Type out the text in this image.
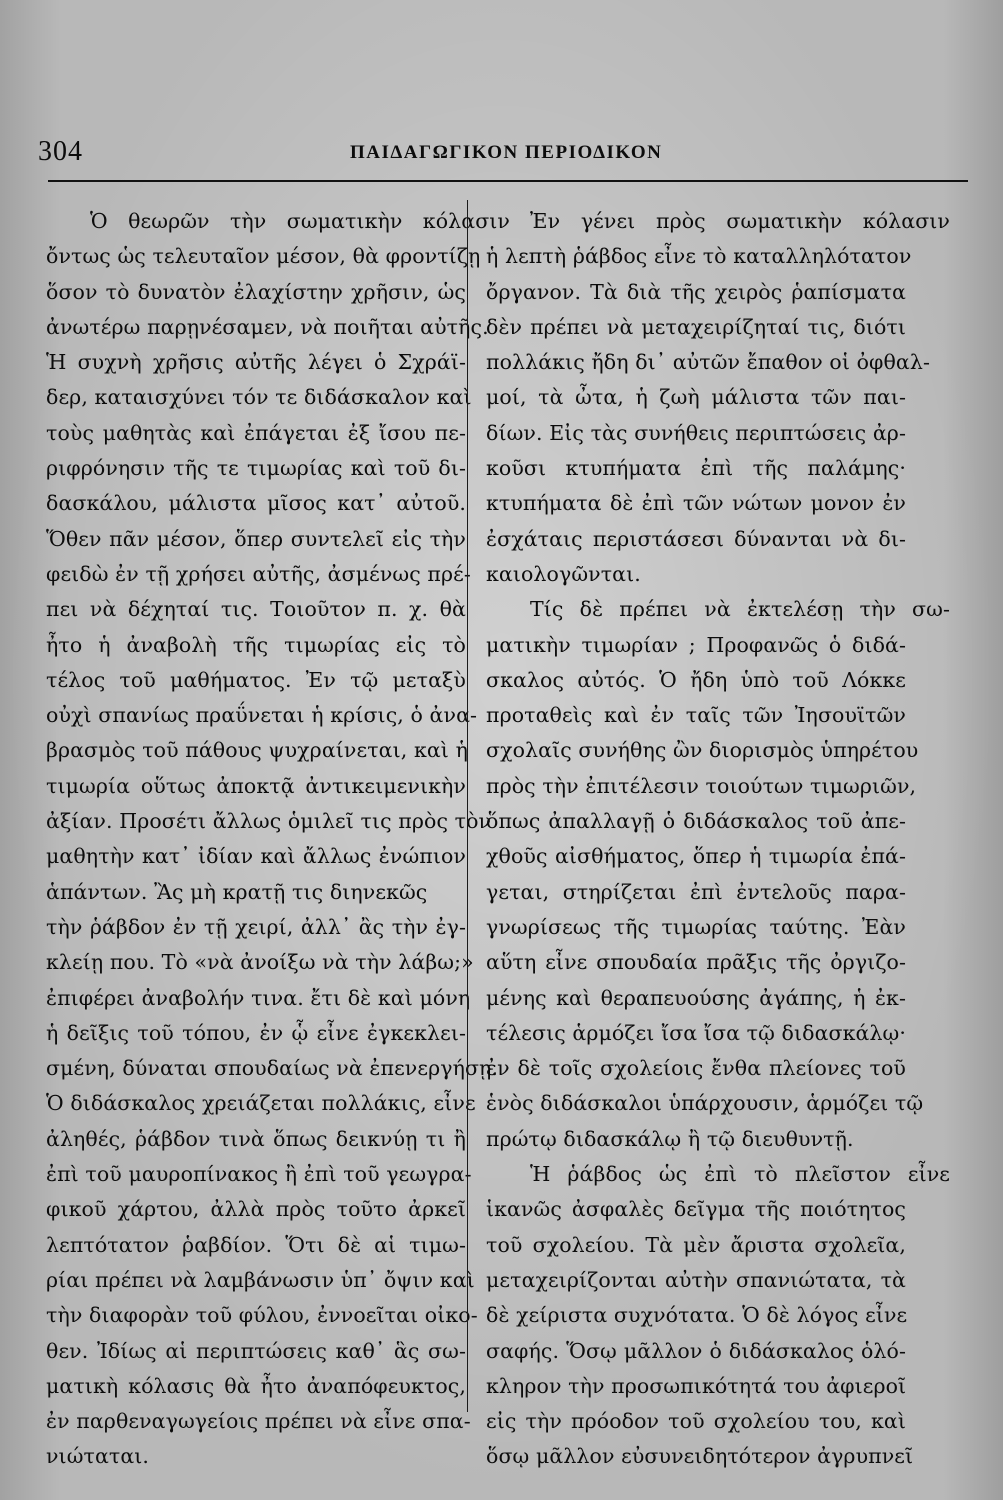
304	ΠΑΙΔΑΓΩΓΙΚΟΝ ΠΕΡΙΟΔΙΚΟΝ
Ὁ θεωρῶν τὴν σωματικὴν κόλασιν
ὄντως ὡς τελευταῖον μέσον, θὰ φροντίζῃ
ὅσον τὸ δυνατὸν ἐλαχίστην χρῆσιν, ὡς
ἀνωτέρω παρῃνέσαμεν, νὰ ποιῆται αὐτῆς.
Ἡ συχνὴ χρῆσις αὐτῆς λέγει ὁ Σχράϊ-
δερ, καταισχύνει τόν τε διδάσκαλον καὶ
τοὺς μαθητὰς καὶ ἐπάγεται ἐξ ἴσου πε-
ριφρόνησιν τῆς τε τιμωρίας καὶ τοῦ δι-
δασκάλου, μάλιστα μῖσος κατ᾽ αὐτοῦ.
Ὅθεν πᾶν μέσον, ὅπερ συντελεῖ εἰς τὴν
φειδὼ ἐν τῇ χρήσει αὐτῆς, ἀσμένως πρέ-
πει νὰ δέχηταί τις. Τοιοῦτον π. χ. θὰ
ἦτο ἡ ἀναβολὴ τῆς τιμωρίας εἰς τὸ
τέλος τοῦ μαθήματος. Ἐν τῷ μεταξὺ
οὐχὶ σπανίως πραΰνεται ἡ κρίσις, ὁ ἀνα-
βρασμὸς τοῦ πάθους ψυχραίνεται, καὶ ἡ
τιμωρία οὕτως ἀποκτᾷ ἀντικειμενικὴν
ἀξίαν. Προσέτι ἄλλως ὁμιλεῖ τις πρὸς τὸν
μαθητὴν κατ᾽ ἰδίαν καὶ ἄλλως ἐνώπιον
ἁπάντων. Ἂς μὴ κρατῇ τις διηνεκῶς
τὴν ῥάβδον ἐν τῇ χειρί, ἀλλ᾽ ἂς τὴν ἐγ-
κλείῃ που. Τὸ «νὰ ἀνοίξω νὰ τὴν λάβω;»
ἐπιφέρει ἀναβολήν τινα. ἔτι δὲ καὶ μόνη
ἡ δεῖξις τοῦ τόπου, ἐν ᾧ εἶνε ἐγκεκλει-
σμένη, δύναται σπουδαίως νὰ ἐπενεργήσῃ.
Ὁ διδάσκαλος χρειάζεται πολλάκις, εἶνε
ἀληθές, ῥάβδον τινὰ ὅπως δεικνύῃ τι ἢ
ἐπὶ τοῦ μαυροπίνακος ἢ ἐπὶ τοῦ γεωγρα-
φικοῦ χάρτου, ἀλλὰ πρὸς τοῦτο ἀρκεῖ
λεπτότατον ῥαβδίον. Ὅτι δὲ αἱ τιμω-
ρίαι πρέπει νὰ λαμβάνωσιν ὑπ᾽ ὄψιν καὶ
τὴν διαφορὰν τοῦ φύλου, ἐννοεῖται οἰκο-
θεν. Ἰδίως αἱ περιπτώσεις καθ᾽ ἃς σω-
ματικὴ κόλασις θὰ ἦτο ἀναπόφευκτος,
ἐν παρθεναγωγείοις πρέπει νὰ εἶνε σπα-
νιώταται.
Ἐν γένει πρὸς σωματικὴν κόλασιν
ἡ λεπτὴ ῥάβδος εἶνε τὸ καταλληλότατον
ὄργανον. Τὰ διὰ τῆς χειρὸς ῥαπίσματα
δὲν πρέπει νὰ μεταχειρίζηταί τις, διότι
πολλάκις ἤδη δι᾽ αὐτῶν ἔπαθον οἱ ὀφθαλ-
μοί, τὰ ὦτα, ἡ ζωὴ μάλιστα τῶν παι-
δίων. Εἰς τὰς συνήθεις περιπτώσεις ἀρ-
κοῦσι κτυπήματα ἐπὶ τῆς παλάμης·
κτυπήματα δὲ ἐπὶ τῶν νώτων μονον ἐν
ἐσχάταις περιστάσεσι δύνανται νὰ δι-
καιολογῶνται.
Τίς δὲ πρέπει νὰ ἐκτελέσῃ τὴν σω-
ματικὴν τιμωρίαν ; Προφανῶς ὁ διδά-
σκαλος αὐτός. Ὁ ἤδη ὑπὸ τοῦ Λόκκε
προταθεὶς καὶ ἐν ταῖς τῶν Ἰησουϊτῶν
σχολαῖς συνήθης ὢν διορισμὸς ὑπηρέτου
πρὸς τὴν ἐπιτέλεσιν τοιούτων τιμωριῶν,
ὅπως ἀπαλλαγῇ ὁ διδάσκαλος τοῦ ἀπε-
χθοῦς αἰσθήματος, ὅπερ ἡ τιμωρία ἐπά-
γεται, στηρίζεται ἐπὶ ἐντελοῦς παρα-
γνωρίσεως τῆς τιμωρίας ταύτης. Ἐὰν
αὕτη εἶνε σπουδαία πρᾶξις τῆς ὀργιζο-
μένης καὶ θεραπευούσης ἀγάπης, ἡ ἐκ-
τέλεσις ἁρμόζει ἴσα ἴσα τῷ διδασκάλῳ·
ἐν δὲ τοῖς σχολείοις ἔνθα πλείονες τοῦ
ἑνὸς διδάσκαλοι ὑπάρχουσιν, ἁρμόζει τῷ
πρώτῳ διδασκάλῳ ἢ τῷ διευθυντῇ.
Ἡ ῥάβδος ὡς ἐπὶ τὸ πλεῖστον εἶνε
ἱκανῶς ἀσφαλὲς δεῖγμα τῆς ποιότητος
τοῦ σχολείου. Τὰ μὲν ἄριστα σχολεῖα,
μεταχειρίζονται αὐτὴν σπανιώτατα, τὰ
δὲ χείριστα συχνότατα. Ὁ δὲ λόγος εἶνε
σαφής. Ὅσῳ μᾶλλον ὁ διδάσκαλος ὁλό-
κληρον τὴν προσωπικότητά του ἀφιεροῖ
εἰς τὴν πρόοδον τοῦ σχολείου του, καὶ
ὅσῳ μᾶλλον εὐσυνειδητότερον ἀγρυπνεῖ
